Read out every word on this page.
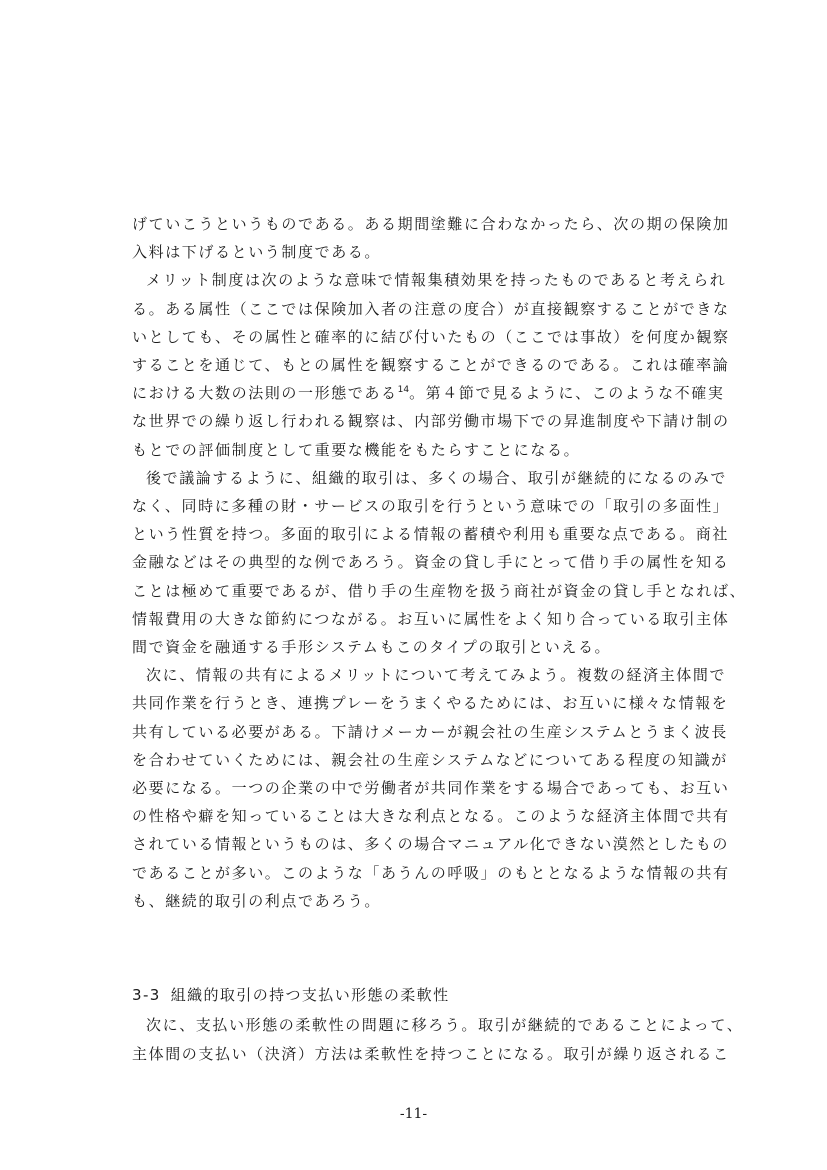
げていこうというものである。ある期間塗難に合わなかったら、次の期の保険加
入料は下げるという制度である。
メリット制度は次のような意味で情報集積効果を持ったものであると考えられ
る。ある属性（ここでは保険加入者の注意の度合）が直接観察することができな
いとしても、その属性と確率的に結び付いたもの（ここでは事故）を何度か観察
することを通じて、もとの属性を観察することができるのである。これは確率論
における大数の法則の一形態である$^{14}$。第４節で見るように、このような不確実
な世界での繰り返し行われる観察は、内部労働市場下での昇進制度や下請け制の
もとでの評価制度として重要な機能をもたらすことになる。
後で議論するように、組織的取引は、多くの場合、取引が継続的になるのみで
なく、同時に多種の財・サービスの取引を行うという意味での「取引の多面性」
という性質を持つ。多面的取引による情報の蓄積や利用も重要な点である。商社
金融などはその典型的な例であろう。資金の貸し手にとって借り手の属性を知る
ことは極めて重要であるが、借り手の生産物を扱う商社が資金の貸し手となれば、
情報費用の大きな節約につながる。お互いに属性をよく知り合っている取引主体
間で資金を融通する手形システムもこのタイプの取引といえる。
次に、情報の共有によるメリットについて考えてみよう。複数の経済主体間で
共同作業を行うとき、連携プレーをうまくやるためには、お互いに様々な情報を
共有している必要がある。下請けメーカーが親会社の生産システムとうまく波長
を合わせていくためには、親会社の生産システムなどについてある程度の知識が
必要になる。一つの企業の中で労働者が共同作業をする場合であっても、お互い
の性格や癖を知っていることは大きな利点となる。このような経済主体間で共有
されている情報というものは、多くの場合マニュアル化できない漠然としたもの
であることが多い。このような「あうんの呼吸」のもととなるような情報の共有
も、継続的取引の利点であろう。
3-3 組織的取引の持つ支払い形態の柔軟性
次に、支払い形態の柔軟性の問題に移ろう。取引が継続的であることによって、
主体間の支払い（決済）方法は柔軟性を持つことになる。取引が繰り返されるこ
-11-
